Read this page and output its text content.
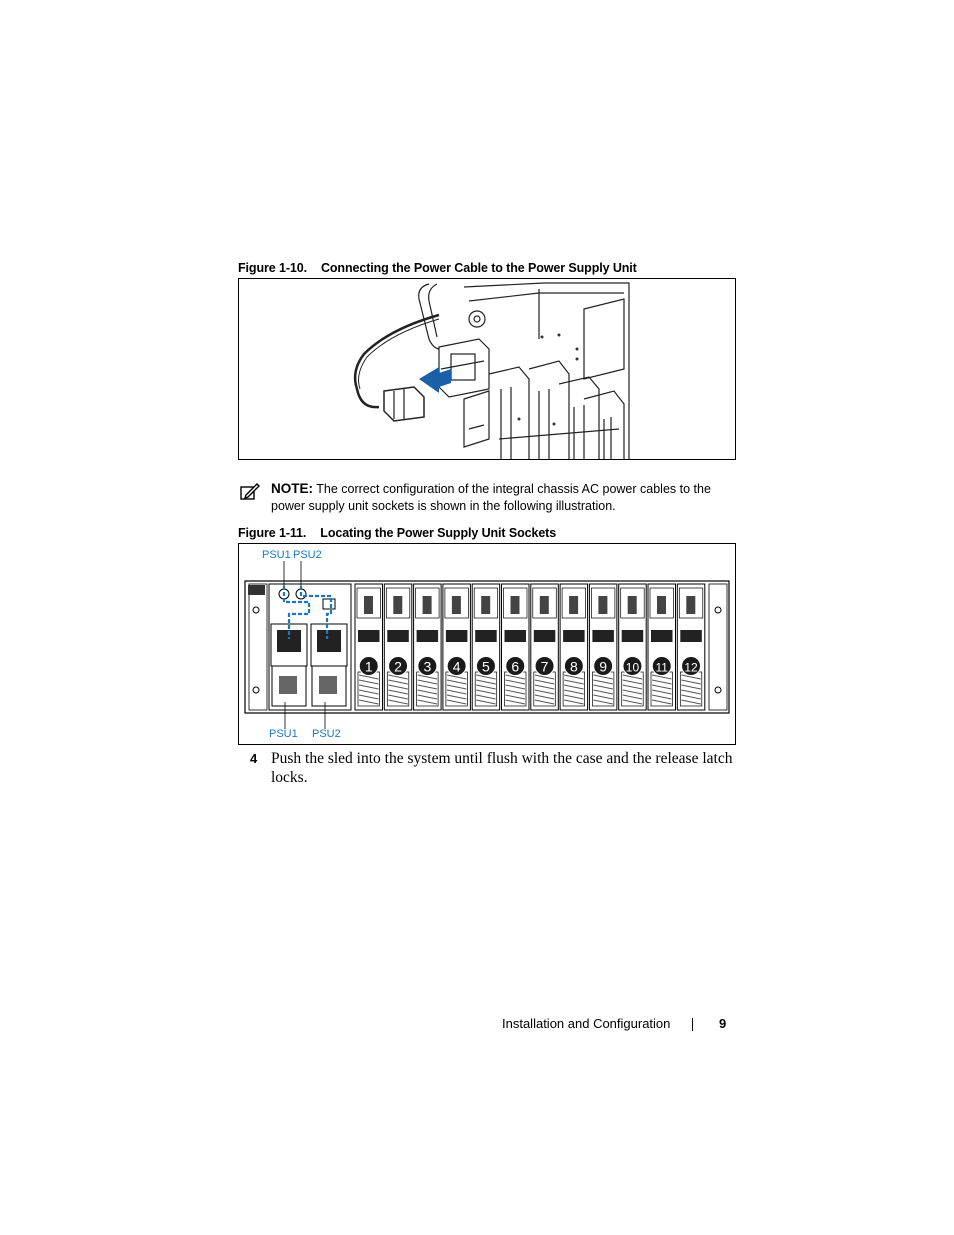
Figure 1-10. Connecting the Power Cable to the Power Supply Unit
NOTE: The correct configuration of the integral chassis AC power cables to the power supply unit sockets is shown in the following illustration.
Figure 1-11. Locating the Power Supply Unit Sockets
PSU1 PSU2
PSU1 PSU2
1 2 3 4 5 6 7 8 9 10 11 12
4 Push the sled into the system until flush with the case and the release latch locks.
Installation and Configuration	9
